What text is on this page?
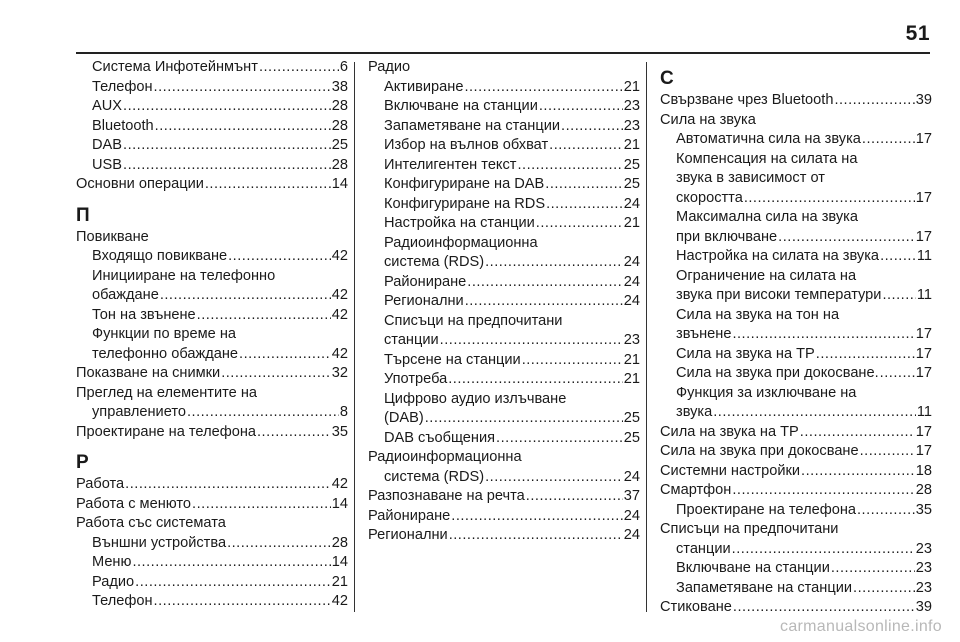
51
Система Инфотейнмънт .....	6
Телефон .....	38
AUX .....	28
Bluetooth .....	28
DAB .....	25
USB .....	28
Основни операции .....	14
П
Повикване
Входящо повикване .....	42
Иницииране на телефонно
обаждане .....	42
Тон на звънене .....	42
Функции по време на
телефонно обаждане .....	42
Показване на снимки .....	32
Преглед на елементите на
управлението .....	8
Проектиране на телефона .....	35
Р
Работа .....	42
Работа с менюто .....	14
Работа със системата
Външни устройства .....	28
Меню .....	14
Радио .....	21
Телефон .....	42
Радио
Активиране .....	21
Включване на станции .....	23
Запаметяване на станции .....	23
Избор на вълнов обхват .....	21
Интелигентен текст .....	25
Конфигуриране на DAB .....	25
Конфигуриране на RDS .....	24
Настройка на станции .....	21
Радиоинформационна
система (RDS) .....	24
Райониране .....	24
Регионални .....	24
Списъци на предпочитани
станции .....	23
Търсене на станции .....	21
Употреба .....	21
Цифрово аудио излъчване
(DAB) .....	25
DAB съобщения .....	25
Радиоинформационна
система (RDS) .....	24
Разпознаване на речта .....	37
Райониране .....	24
Регионални .....	24
С
Свързване чрез Bluetooth .....	39
Сила на звука
Автоматична сила на звука .....	17
Компенсация на силата на
звука в зависимост от
скоростта .....	17
Максимална сила на звука
при включване .....	17
Настройка на силата на звука .....	11
Ограничение на силата на
звука при високи температури ..... 11
Сила на звука на тон на
звънене .....	17
Сила на звука на TP .....	17
Сила на звука при докосване. .....	17
Функция за изключване на
звука .....	11
Сила на звука на TP .....	17
Сила на звука при докосване .....	17
Системни настройки .....	18
Смартфон .....	28
Проектиране на телефона .....	35
Списъци на предпочитани
станции .....	23
Включване на станции .....	23
Запаметяване на станции .....	23
Стиковане .....	39
carmanualsonline.info
